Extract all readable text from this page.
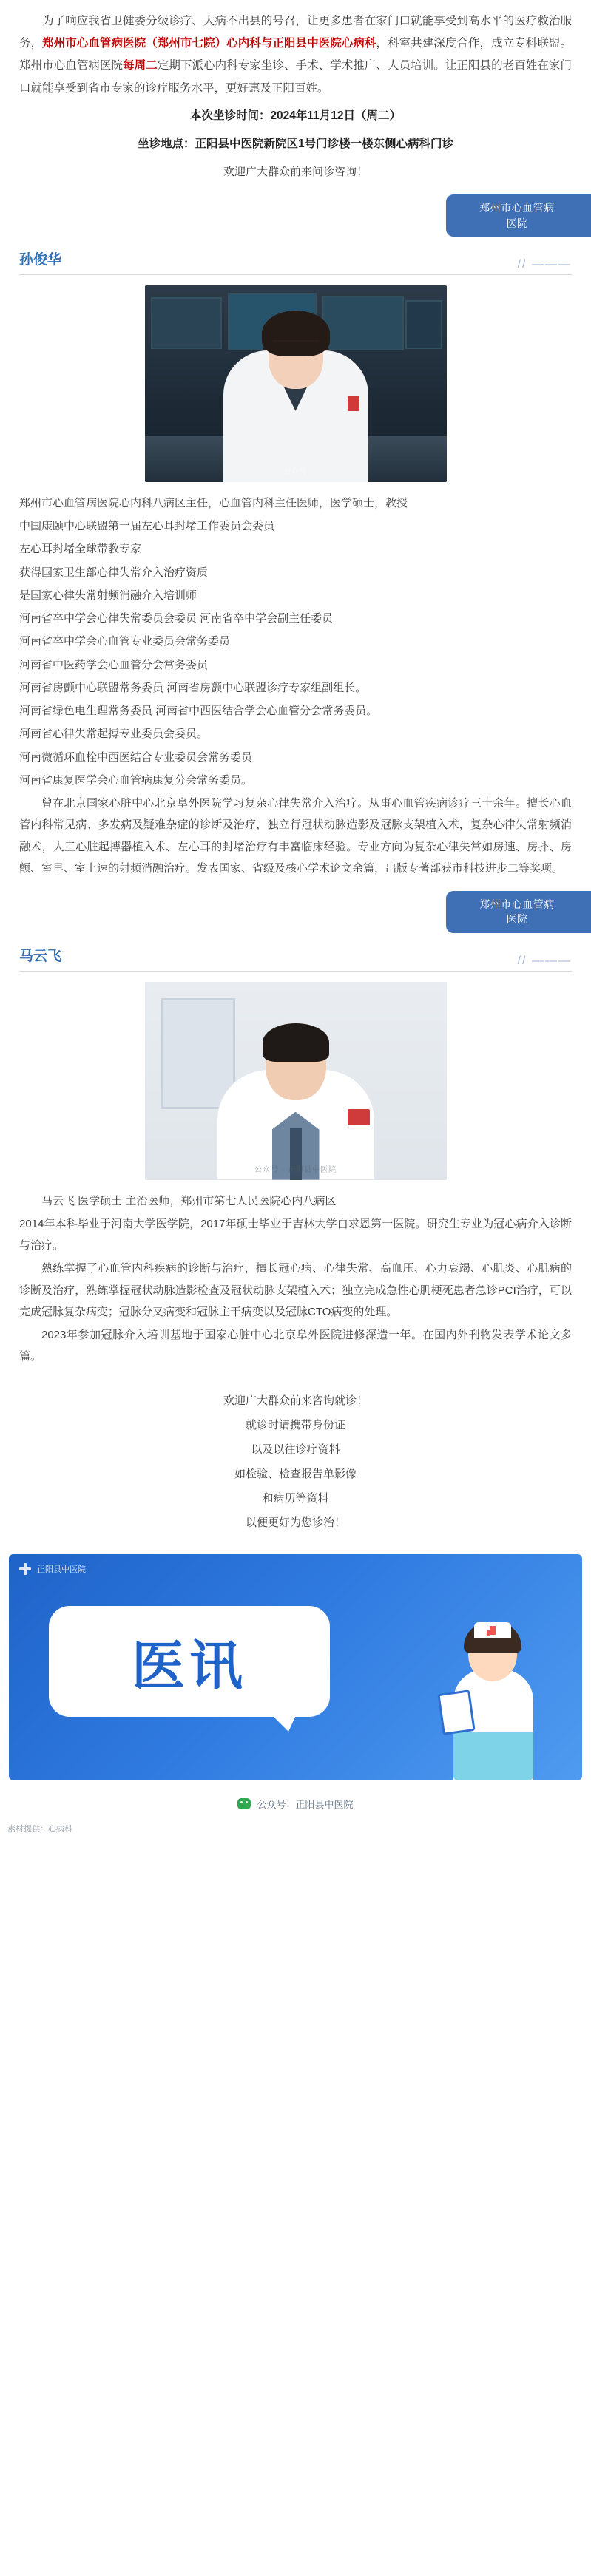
为了响应我省卫健委分级诊疗、大病不出县的号召，让更多患者在家门口就能享受到高水平的医疗救治服务，郑州市心血管病医院（郑州市七院）心内科与正阳县中医院心病科，科室共建深度合作，成立专科联盟。郑州市心血管病医院每周二定期下派心内科专家坐诊、手术、学术推广、人员培训。让正阳县的老百姓在家门口就能享受到省市专家的诊疗服务水平，更好惠及正阳百姓。

本次坐诊时间：2024年11月12日（周二）

坐诊地点：正阳县中医院新院区1号门诊楼一楼东侧心病科门诊

欢迎广大群众前来问诊咨询！

郑州市心血管病
医院
孙俊华	// ———
公众号

郑州市心血管病医院心内科八病区主任，心血管内科主任医师，医学硕士，教授

中国康颐中心联盟第一届左心耳封堵工作委员会委员

左心耳封堵全球带教专家

获得国家卫生部心律失常介入治疗资质

是国家心律失常射频消融介入培训师

河南省卒中学会心律失常委员会委员 河南省卒中学会副主任委员

河南省卒中学会心血管专业委员会常务委员

河南省中医药学会心血管分会常务委员

河南省房颤中心联盟常务委员 河南省房颤中心联盟诊疗专家组副组长。

河南省绿色电生理常务委员 河南省中西医结合学会心血管分会常务委员。

河南省心律失常起搏专业委员会委员。

河南微循环血栓中西医结合专业委员会常务委员

河南省康复医学会心血管病康复分会常务委员。

曾在北京国家心脏中心北京阜外医院学习复杂心律失常介入治疗。从事心血管疾病诊疗三十余年。擅长心血管内科常见病、多发病及疑难杂症的诊断及治疗，独立行冠状动脉造影及冠脉支架植入术，复杂心律失常射频消融术，人工心脏起搏器植入术、左心耳的封堵治疗有丰富临床经验。专业方向为复杂心律失常如房速、房扑、房颤、室早、室上速的射频消融治疗。发表国家、省级及核心学术论文余篇，出版专著部获市科技进步二等奖项。

郑州市心血管病
医院
马云飞	// ———
公众号 · 正阳县中医院

马云飞 医学硕士 主治医师，郑州市第七人民医院心内八病区

2014年本科毕业于河南大学医学院，2017年硕士毕业于吉林大学白求恩第一医院。研究生专业为冠心病介入诊断与治疗。

熟练掌握了心血管内科疾病的诊断与治疗，擅长冠心病、心律失常、高血压、心力衰竭、心肌炎、心肌病的诊断及治疗，熟练掌握冠状动脉造影检查及冠状动脉支架植入术；独立完成急性心肌梗死患者急诊PCI治疗，可以完成冠脉复杂病变；冠脉分叉病变和冠脉主干病变以及冠脉CTO病变的处理。

2023年参加冠脉介入培训基地于国家心脏中心北京阜外医院进修深造一年。在国内外刊物发表学术论文多篇。

欢迎广大群众前来咨询就诊！

就诊时请携带身份证

以及以往诊疗资料

如检验、检查报告单影像

和病历等资料

以便更好为您诊治！

正阳县中医院
医讯
公众号：正阳县中医院
素材提供：心病科
